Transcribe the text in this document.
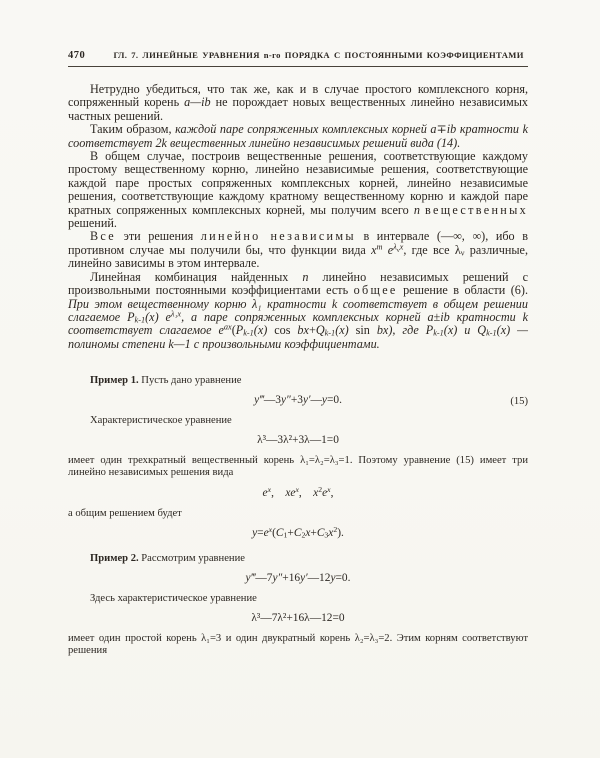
470	ГЛ. 7. ЛИНЕЙНЫЕ УРАВНЕНИЯ n-го ПОРЯДКА С ПОСТОЯННЫМИ КОЭФФИЦИЕНТАМИ

Нетрудно убедиться, что так же, как и в случае простого комплексного корня, сопряженный корень a—ib не порождает новых вещественных линейно независимых частных решений.

Таким образом, каждой паре сопряженных комплексных корней a∓ib кратности k соответствует 2k вещественных линейно независимых решений вида (14).

В общем случае, построив вещественные решения, соответствующие каждому простому вещественному корню, линейно независимые решения, соответствующие каждой паре простых сопряженных комплексных корней, линейно независимые решения, соответствующие каждому кратному вещественному корню и каждой паре кратных сопряженных комплексных корней, мы получим всего n вещественных решений.

Все эти решения линейно независимы в интервале (—∞, ∞), ибо в противном случае мы получили бы, что функции вида $x^m$ $e^\lambda\nu^x$, где все λν различные, линейно зависимы в этом интервале.

Линейная комбинация найденных n линейно независимых решений с произвольными постоянными коэффициентами есть общее решение в области (6). При этом вещественному корню λ₁ кратности k соответствует в общем решении слагаемое Pk-1(x) $e^{\lambda_1x}$, а паре сопряженных комплексных корней a±ib кратности k соответствует слагаемое $e^{ax}(Pk-1(x)$ cos bx+Qk-1(x) sin bx), где Pk-1(x) и Qk-1(x) — полиномы степени k—1 с произвольными коэффициентами.

Пример 1. Пусть дано уравнение

y‴—3y″+3y′—y=0.	(15)

Характеристическое уравнение

λ³—3λ²+3λ—1=0

имеет один трехкратный вещественный корень λ₁=λ₂=λ₃=1. Поэтому уравнение (15) имеет три линейно независимых решения вида

$e^x$, $xe^x$, $x^2e^x$,

а общим решением будет

$y=e^x(C1+C2x+C3x^2)$.

Пример 2. Рассмотрим уравнение

y‴—7y″+16y′—12y=0.

Здесь характеристическое уравнение

λ³—7λ²+16λ—12=0

имеет один простой корень λ₁=3 и один двукратный корень λ₂=λ₃=2. Этим корням соответствуют решения
